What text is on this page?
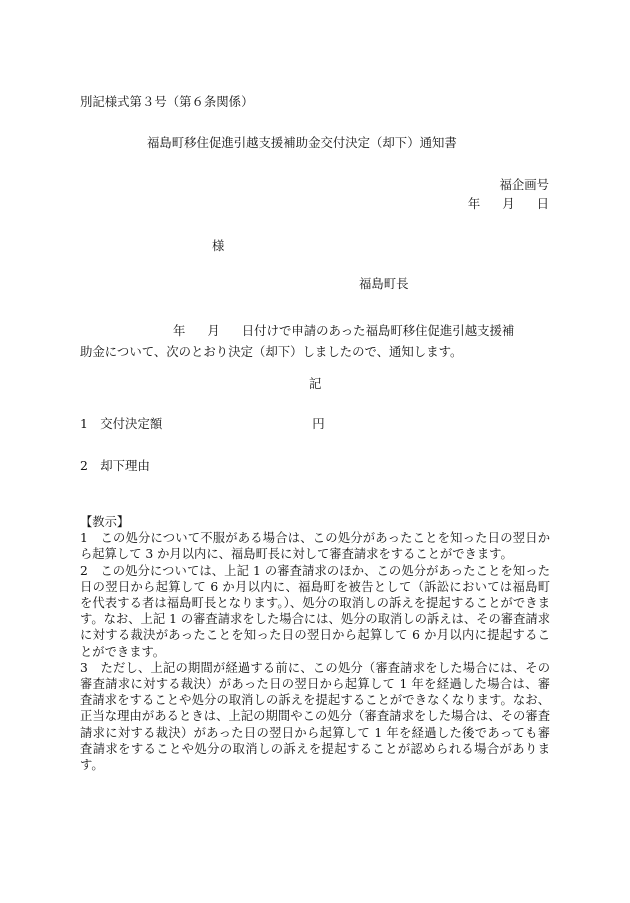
別記様式第３号（第６条関係）
福島町移住促進引越支援補助金交付決定（却下）通知書
福企画号
年 月 日
様
福島町長
年 月 日付けで申請のあった福島町移住促進引越支援補
助金について、次のとおり決定（却下）しましたので、通知します。
記
1　交付決定額	円
2　却下理由

【教示】

1　この処分について不服がある場合は、この処分があったことを知った日の翌日から起算して 3 か月以内に、福島町長に対して審査請求をすることができます。

2　この処分については、上記 1 の審査請求のほか、この処分があったことを知った日の翌日から起算して 6 か月以内に、福島町を被告として（訴訟においては福島町を代表する者は福島町長となります。）、処分の取消しの訴えを提起することができます。なお、上記 1 の審査請求をした場合には、処分の取消しの訴えは、その審査請求に対する裁決があったことを知った日の翌日から起算して 6 か月以内に提起することができます。

3　ただし、上記の期間が経過する前に、この処分（審査請求をした場合には、その審査請求に対する裁決）があった日の翌日から起算して 1 年を経過した場合は、審査請求をすることや処分の取消しの訴えを提起することができなくなります。なお、正当な理由があるときは、上記の期間やこの処分（審査請求をした場合は、その審査請求に対する裁決）があった日の翌日から起算して 1 年を経過した後であっても審査請求をすることや処分の取消しの訴えを提起することが認められる場合があります。
